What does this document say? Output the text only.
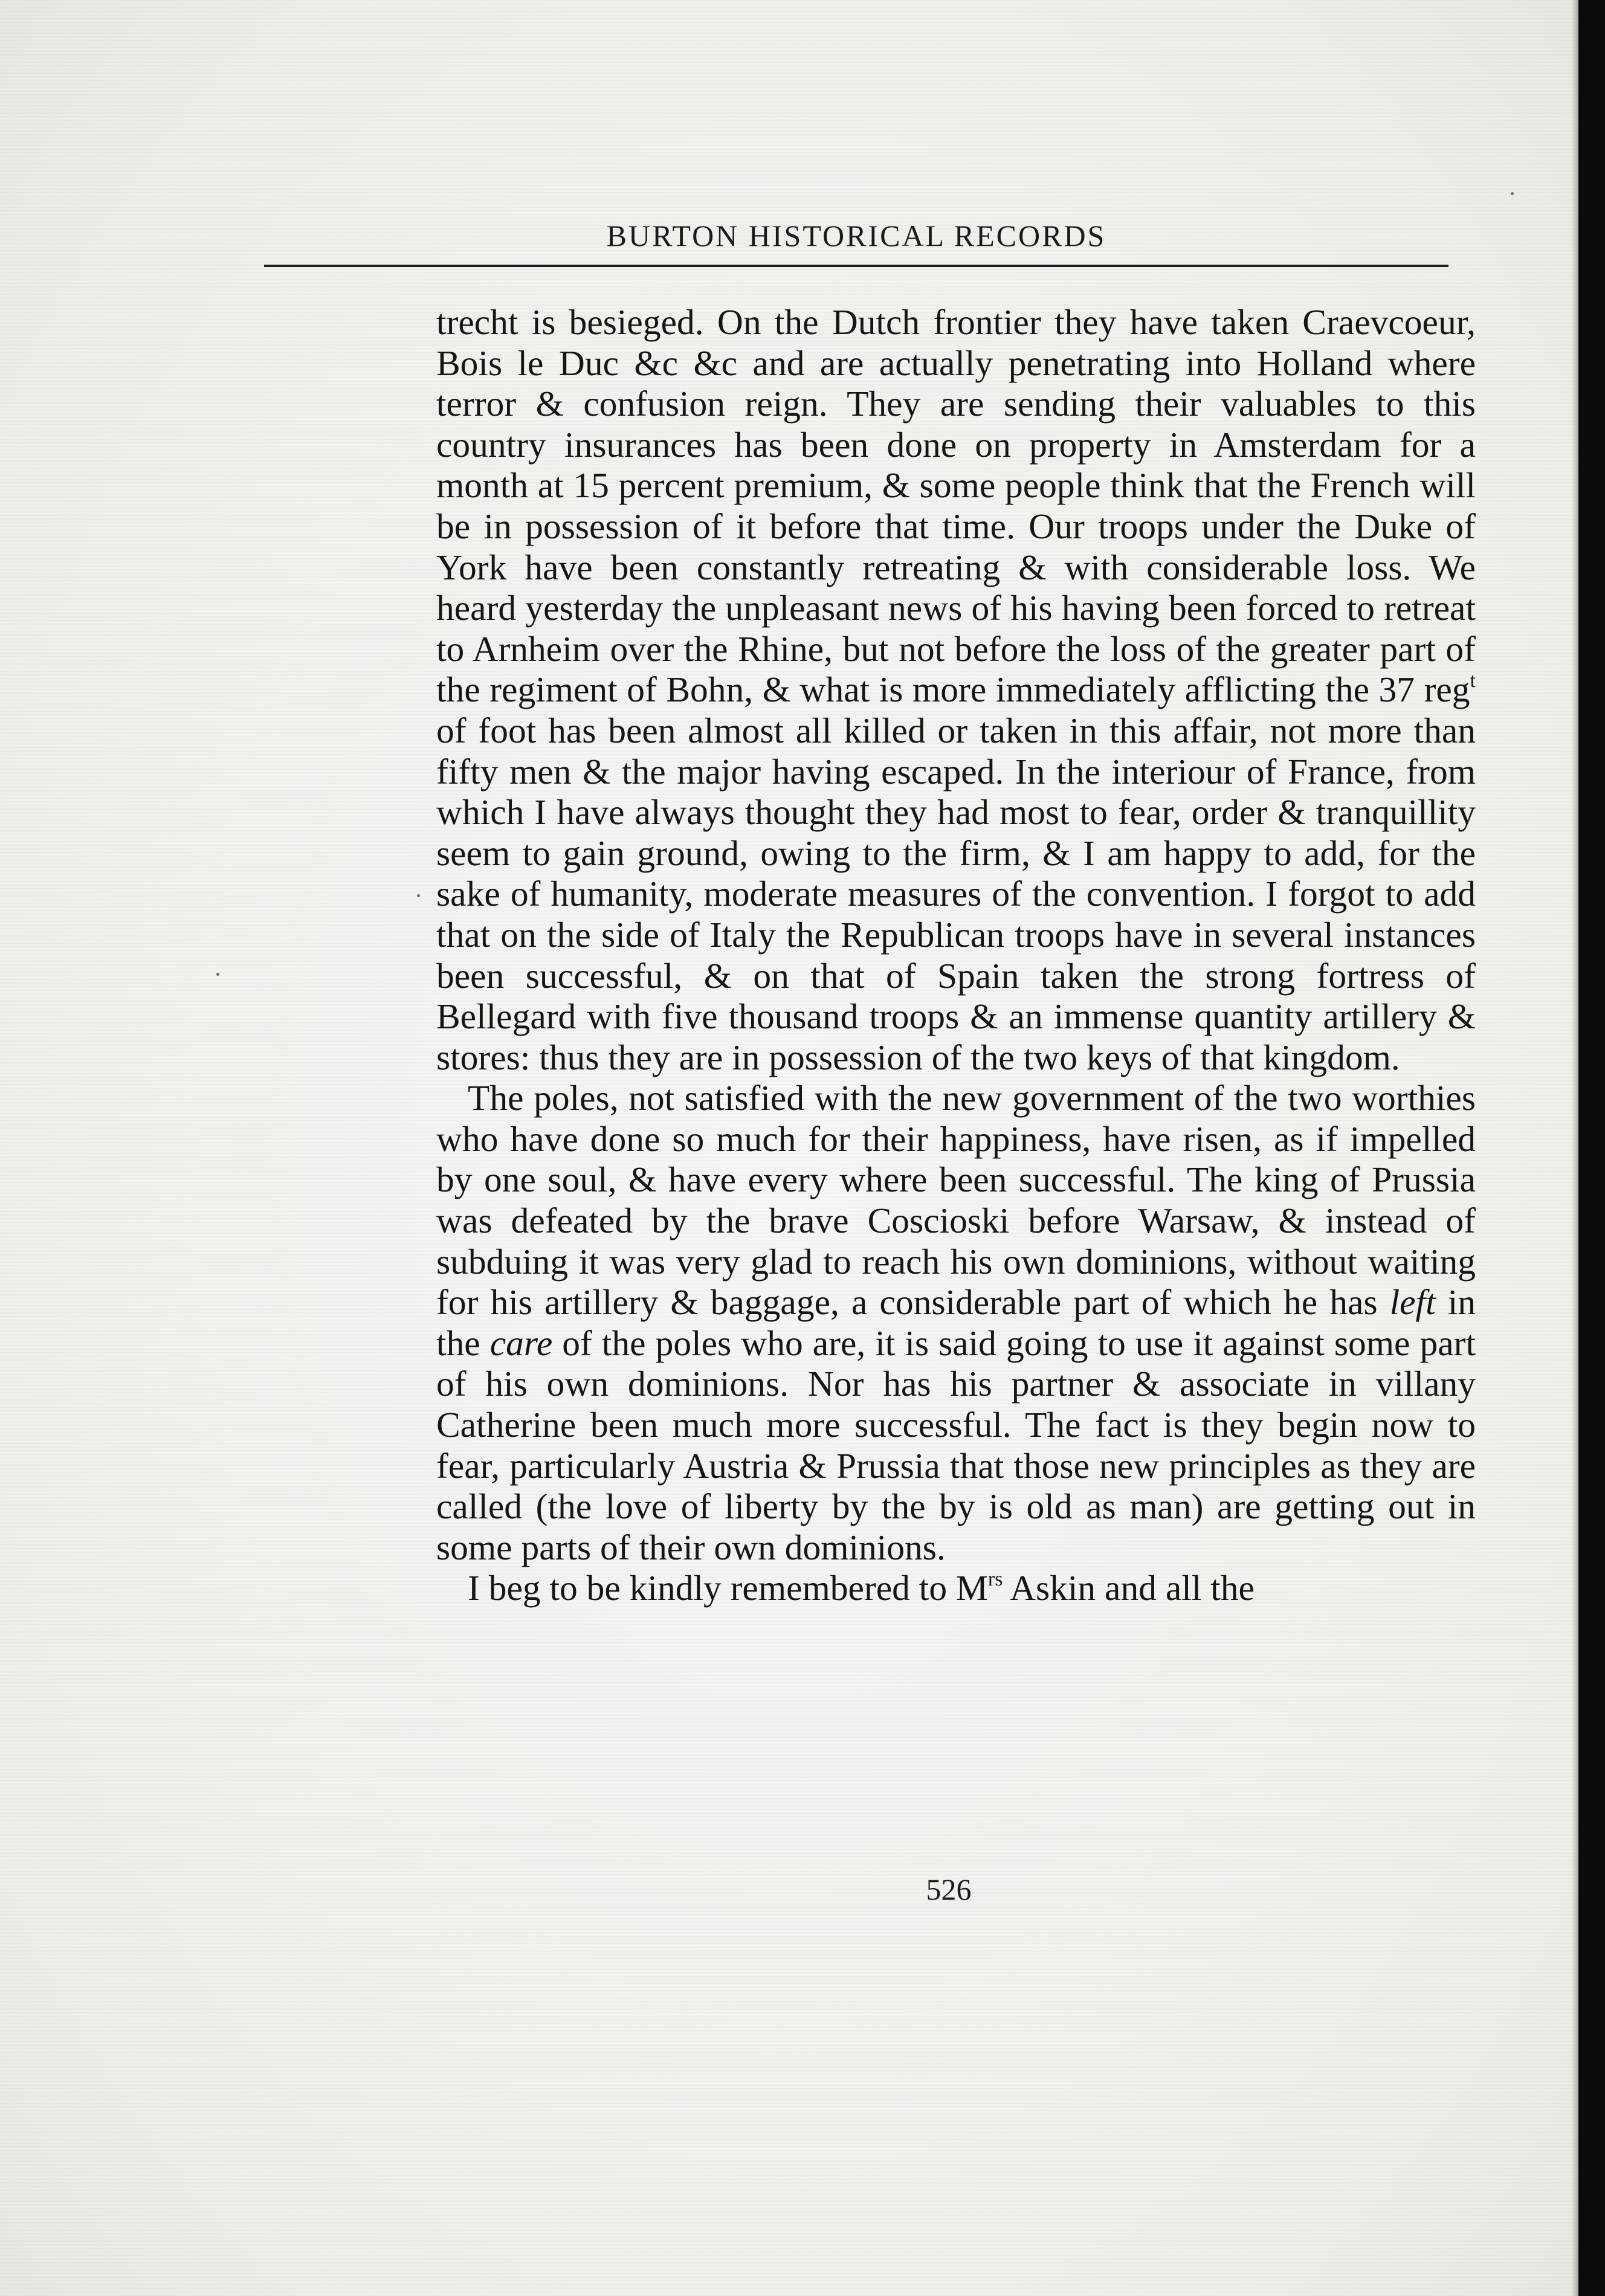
BURTON HISTORICAL RECORDS

trecht is besieged. On the Dutch frontier they have taken Craevcoeur, Bois le Duc &c &c and are actually penetrating into Holland where terror & confusion reign. They are sending their valuables to this country insurances has been done on property in Amsterdam for a month at 15 percent premium, & some people think that the French will be in possession of it before that time. Our troops under the Duke of York have been constantly retreating & with considerable loss. We heard yesterday the unpleasant news of his having been forced to retreat to Arnheim over the Rhine, but not before the loss of the greater part of the regiment of Bohn, & what is more immediately afflicting the 37 reg$^t$ of foot has been almost all killed or taken in this affair, not more than fifty men & the major having escaped. In the interiour of France, from which I have always thought they had most to fear, order & tranquillity seem to gain ground, owing to the firm, & I am happy to add, for the sake of humanity, moderate measures of the convention. I forgot to add that on the side of Italy the Republican troops have in several instances been successful, & on that of Spain taken the strong fortress of Bellegard with five thousand troops & an immense quantity artillery & stores: thus they are in possession of the two keys of that kingdom.

The poles, not satisfied with the new government of the two worthies who have done so much for their happiness, have risen, as if impelled by one soul, & have every where been successful. The king of Prussia was defeated by the brave Coscioski before Warsaw, & instead of subduing it was very glad to reach his own dominions, without waiting for his artillery & baggage, a considerable part of which he has left in the care of the poles who are, it is said going to use it against some part of his own dominions. Nor has his partner & associate in villany Catherine been much more successful. The fact is they begin now to fear, particularly Austria & Prussia that those new principles as they are called (the love of liberty by the by is old as man) are getting out in some parts of their own dominions.

I beg to be kindly remembered to $M^{rs}$ Askin and all the

526
